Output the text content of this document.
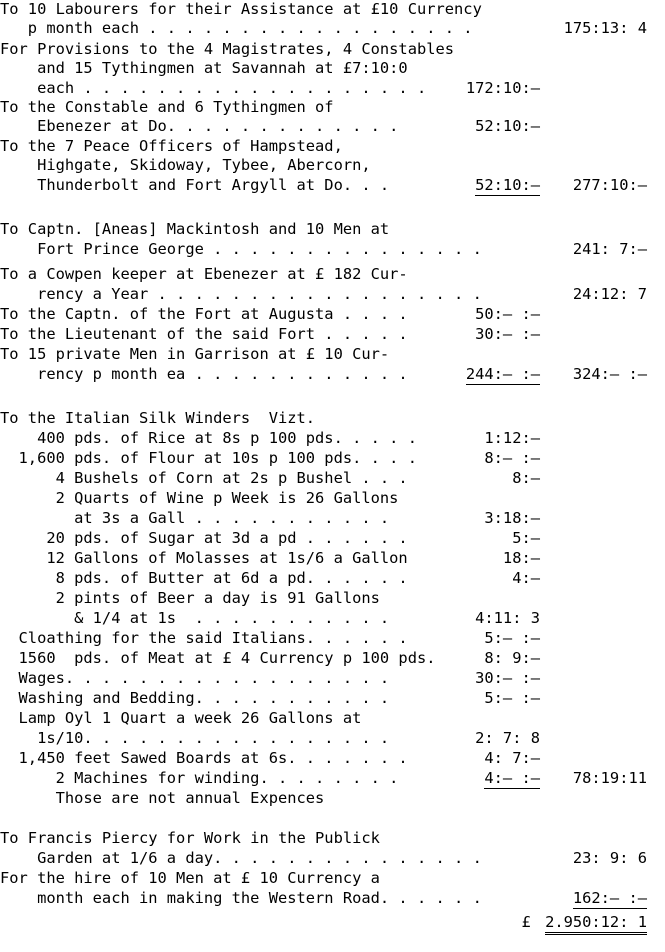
To 10 Labourers for their Assistance at £10 Currency
p month each . . . . . . . . . . . . . . . . . .	175:13: 4
For Provisions to the 4 Magistrates, 4 Constables
and 15 Tythingmen at Savannah at £7:10:0
each . . . . . . . . . . . . . . . . . . .	172:10:–
To the Constable and 6 Tythingmen of
Ebenezer at Do. . . . . . . . . . . . .	52:10:–
To the 7 Peace Officers of Hampstead,
Highgate, Skidoway, Tybee, Abercorn,
Thunderbolt and Fort Argyll at Do. . .	52:10:– 277:10:–
To Captn. [Aneas] Mackintosh and 10 Men at
Fort Prince George . . . . . . . . . . . . . . .	241: 7:–
To a Cowpen keeper at Ebenezer at £ 182 Cur-
rency a Year . . . . . . . . . . . . . . . . . .	24:12: 7
To the Captn. of the Fort at Augusta . . . .	50:– :–
To the Lieutenant of the said Fort . . . . .	30:– :–
To 15 private Men in Garrison at £ 10 Cur-
rency p month ea . . . . . . . . . . . .	244:– :– 324:– :–
To the Italian Silk Winders  Vizt.
400 pds. of Rice at 8s p 100 pds. . . . .	1:12:–
1,600 pds. of Flour at 10s p 100 pds. . . .	8:– :–
4 Bushels of Corn at 2s p Bushel . . .	8:–
2 Quarts of Wine p Week is 26 Gallons
at 3s a Gall . . . . . . . . . . .	3:18:–
20 pds. of Sugar at 3d a pd . . . . . .	5:–
12 Gallons of Molasses at 1s/6 a Gallon	18:–
8 pds. of Butter at 6d a pd. . . . . .	4:–
2 pints of Beer a day is 91 Gallons
& 1/4 at 1s  . . . . . . . . . . .	4:11: 3
Cloathing for the said Italians. . . . . .	5:– :–
1560  pds. of Meat at £ 4 Currency p 100 pds.	8: 9:–
Wages. . . . . . . . . . . . . . . . . .	30:– :–
Washing and Bedding. . . . . . . . . . .	5:– :–
Lamp Oyl 1 Quart a week 26 Gallons at
1s/10. . . . . . . . . . . . . . . . .	2: 7: 8
1,450 feet Sawed Boards at 6s. . . . . . .	4: 7:–
2 Machines for winding. . . . . . . .	4:– :– 78:19:11
Those are not annual Expences
To Francis Piercy for Work in the Publick
Garden at 1/6 a day. . . . . . . . . . . . . . .	23: 9: 6
For the hire of 10 Men at £ 10 Currency a
month each in making the Western Road. . . . . .	162:– :–
£ 2.950:12: 1
